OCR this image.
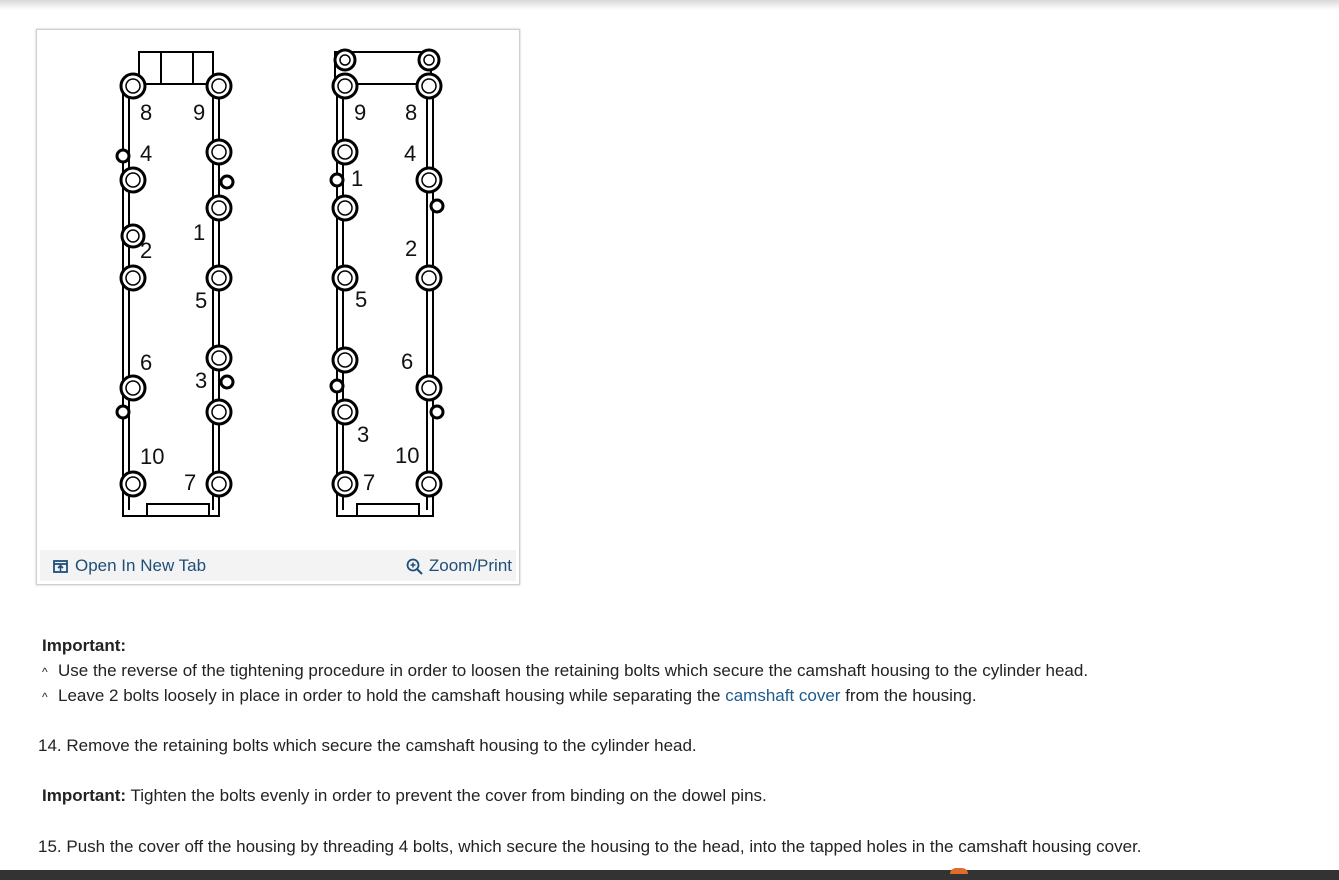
8 9
4
1
2
5
6
3
10
7
9 8
4
1
2
5
6
3
10
7
Open In New Tab	Zoom/Print
Important:
^ Use the reverse of the tightening procedure in order to loosen the retaining bolts which secure the camshaft housing to the cylinder head.
^ Leave 2 bolts loosely in place in order to hold the camshaft housing while separating the camshaft cover from the housing.
14. Remove the retaining bolts which secure the camshaft housing to the cylinder head.
Important: Tighten the bolts evenly in order to prevent the cover from binding on the dowel pins.
15. Push the cover off the housing by threading 4 bolts, which secure the housing to the head, into the tapped holes in the camshaft housing cover.
